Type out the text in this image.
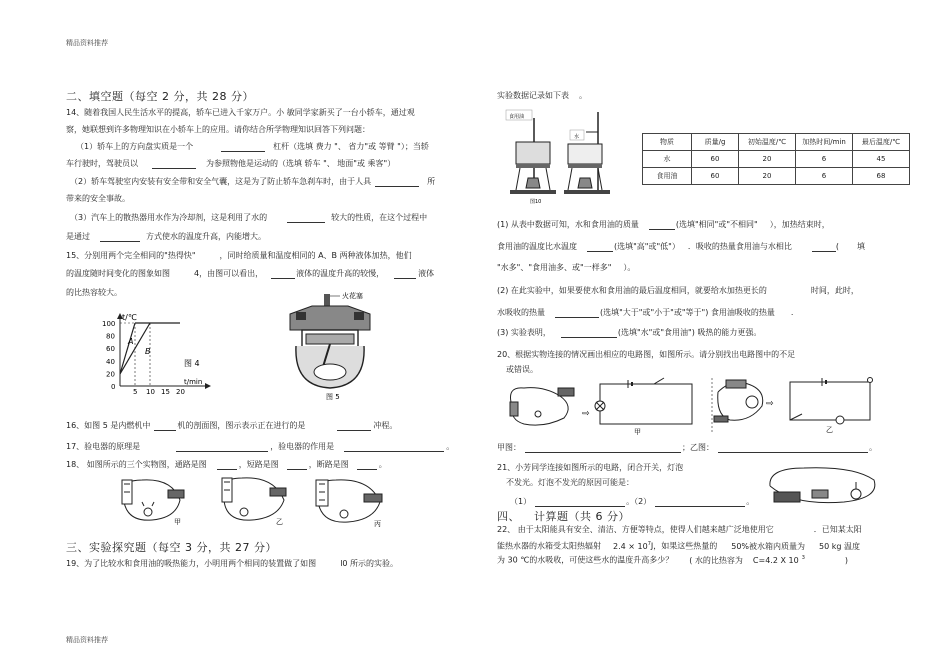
精品资料推荐
精品资料推荐
二、填空题（每空 2 分，共 28 分）
14、随着我国人民生活水平的提高，轿车已进入千家万户。小 敏同学家新买了一台小轿车，通过观
察，她联想到许多物理知识在小轿车上的应用。请你结合所学物理知识回答下列问题：
（1）轿车上的方向盘实质是一个	杠杆（选填 费力 "、 省力"或 等臂 "）；当轿
车行驶时，驾驶员以	为参照物他是运动的（选填 轿车 "、 地面"或 乘客"）
（2）轿车驾驶室内安装有安全带和安全气囊，这是为了防止轿车急刹车时，由于人具	所
带来的安全事故。
（3）汽车上的散热器用水作为冷却剂，这是利用了水的	较大的性质，在这个过程中
是通过	方式使水的温度升高，内能增大。
15、分别用两个完全相同的"热得快"	，同时给质量和温度相同的 A、B 两种液体加热，他们
的温度随时间变化的图象如图	4，由图可以看出，	液体的温度升高的较慢，	液体
的比热容较大。
t/℃
t/min
100
80
60
40
20
0
5 10 15 20
A
B
图 4
火花塞
图 5
16、如图 5 是内燃机中	机的剖面图，图示表示正在进行的是	冲程。
17、验电器的原理是	，验电器的作用是	。
18、 如图所示的三个实物图，通路是图	，短路是图	，断路是图	。
甲	乙	丙
三、实验探究题（每空 3 分，共 27 分）
19、为了比较水和食用油的吸热能力，小明用两个相同的装置做了如图	l0 所示的实验。
实验数据记录如下表 。
食用油
水
图10
物质	质量/g	初始温度/℃	加热时间/min	最后温度/℃
水	60	20	6	45
食用油	60	20	6	68
(1) 从表中数据可知，水和食用油的质量	(选填"相同"或"不相同" ），加热结束时，
食用油的温度比水温度	(选填"高"或"低"） ．吸收的热量食用油与水相比	( 填
"水多"、"食用油多、或"一样多" ）。
(2) 在此实验中，如果要使水和食用油的最后温度相同，就要给水加热更长的	时间，此时，
水吸收的热量	(选填"大于"或"小于"或"等于") 食用油吸收的热量 .
(3) 实验表明，	(选填"水"或"食用油") 吸热的能力更强。
20、根据实物连接的情况画出相应的电路图，如图所示。请分别找出电路图中的不足
或错误。
⇨
甲
⇨
乙
甲图：	；乙图：	。
21、小芳同学连接如图所示的电路，闭合开关，灯泡
不发光。灯泡不发光的原因可能是：
（1）	。（2）	。
四、 计算题（共 6 分）
22、 由于太阳能具有安全、清洁、方便等特点，使得人们越来越广泛地使用它	．已知某太阳
能热水器的水箱受太阳热辐射 $2.4 \times 10^7J$，如果这些热量的 50%被水箱内质量为 50 kg 温度
为 30 ℃的水吸收，可使这些水的温度升高多少？ ( 水的比热容为 C=4.2 X 10 $^3$	)
